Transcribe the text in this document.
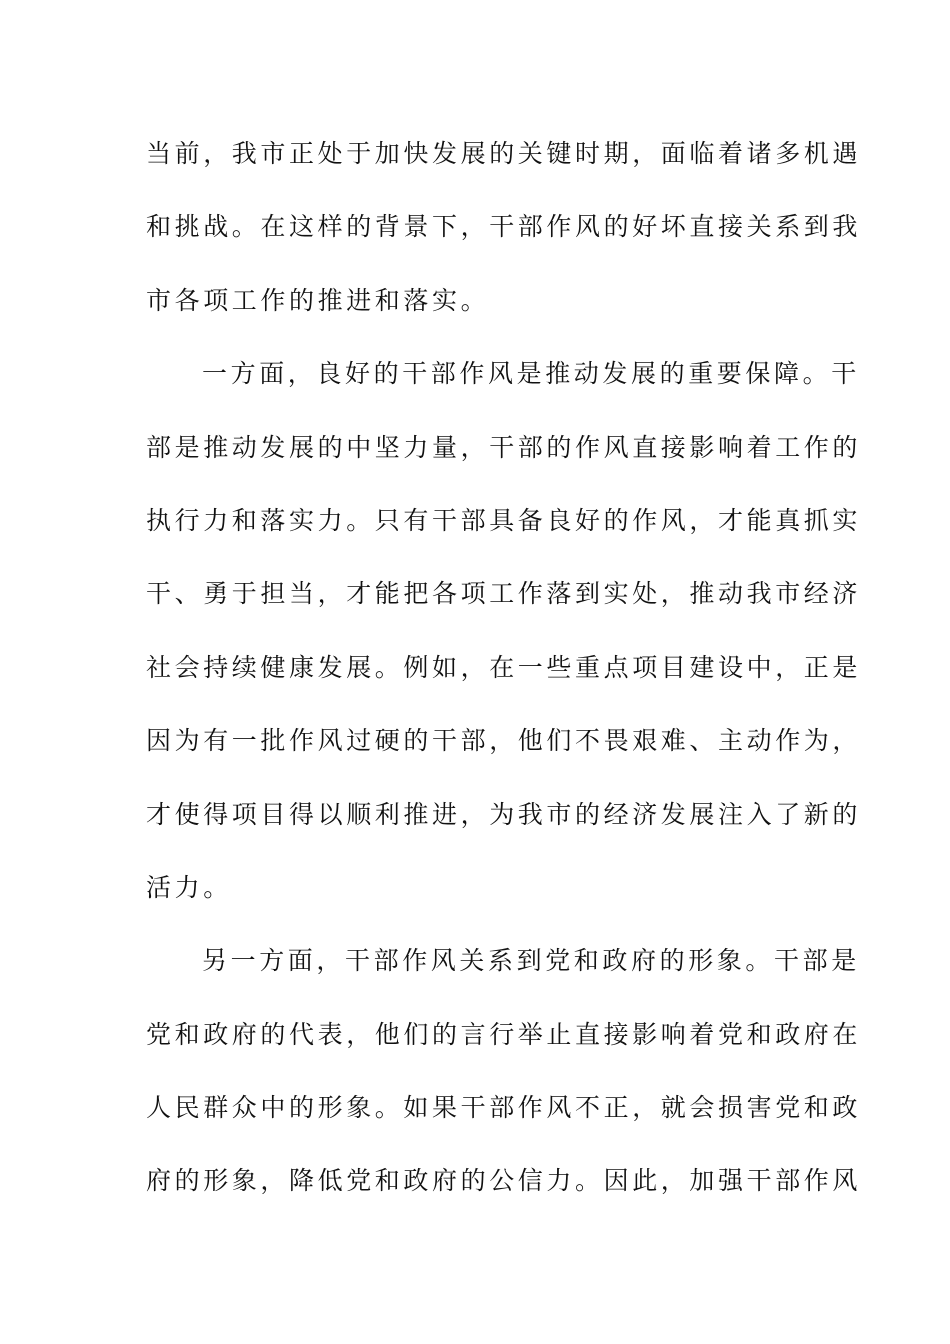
当前，我市正处于加快发展的关键时期，面临着诸多机遇
和挑战。在这样的背景下，干部作风的好坏直接关系到我
市各项工作的推进和落实。
一方面，良好的干部作风是推动发展的重要保障。干
部是推动发展的中坚力量，干部的作风直接影响着工作的
执行力和落实力。只有干部具备良好的作风，才能真抓实
干、勇于担当，才能把各项工作落到实处，推动我市经济
社会持续健康发展。例如，在一些重点项目建设中，正是
因为有一批作风过硬的干部，他们不畏艰难、主动作为，
才使得项目得以顺利推进，为我市的经济发展注入了新的
活力。
另一方面，干部作风关系到党和政府的形象。干部是
党和政府的代表，他们的言行举止直接影响着党和政府在
人民群众中的形象。如果干部作风不正，就会损害党和政
府的形象，降低党和政府的公信力。因此，加强干部作风
